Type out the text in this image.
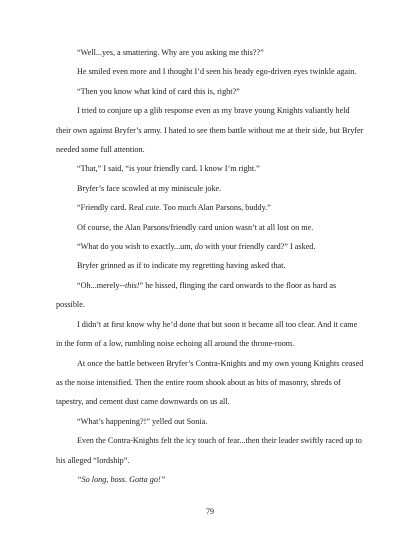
“Well...yes, a smattering. Why are you asking me this??”

He smiled even more and I thought I’d seen his beady ego-driven eyes twinkle again.

“Then you know what kind of card this is, right?”

I tried to conjure up a glib response even as my brave young Knights valiantly held their own against Bryfer’s army. I hated to see them battle without me at their side, but Bryfer needed some full attention.

“That,” I said, “is your friendly card. I know I’m right.”

Bryfer’s face scowled at my miniscule joke.

“Friendly card. Real cute. Too much Alan Parsons, buddy.”

Of course, the Alan Parsons/friendly card union wasn’t at all lost on me.

“What do you wish to exactly...um, do with your friendly card?” I asked.

Bryfer grinned as if to indicate my regretting having asked that.

“Oh...merely--this!” he hissed, flinging the card onwards to the floor as hard as possible.

I didn’t at first know why he’d done that but soon it became all too clear. And it came in the form of a low, rumbling noise echoing all around the throne-room.

At once the battle between Bryfer’s Contra-Knights and my own young Knights ceased as the noise intensified. Then the entire room shook about as bits of masonry, shreds of tapestry, and cement dust came downwards on us all.

“What’s happening?!” yelled out Sonia.

Even the Contra-Knights felt the icy touch of fear...then their leader swiftly raced up to his alleged “lordship”.

“So long, boss. Gotta go!”

79
